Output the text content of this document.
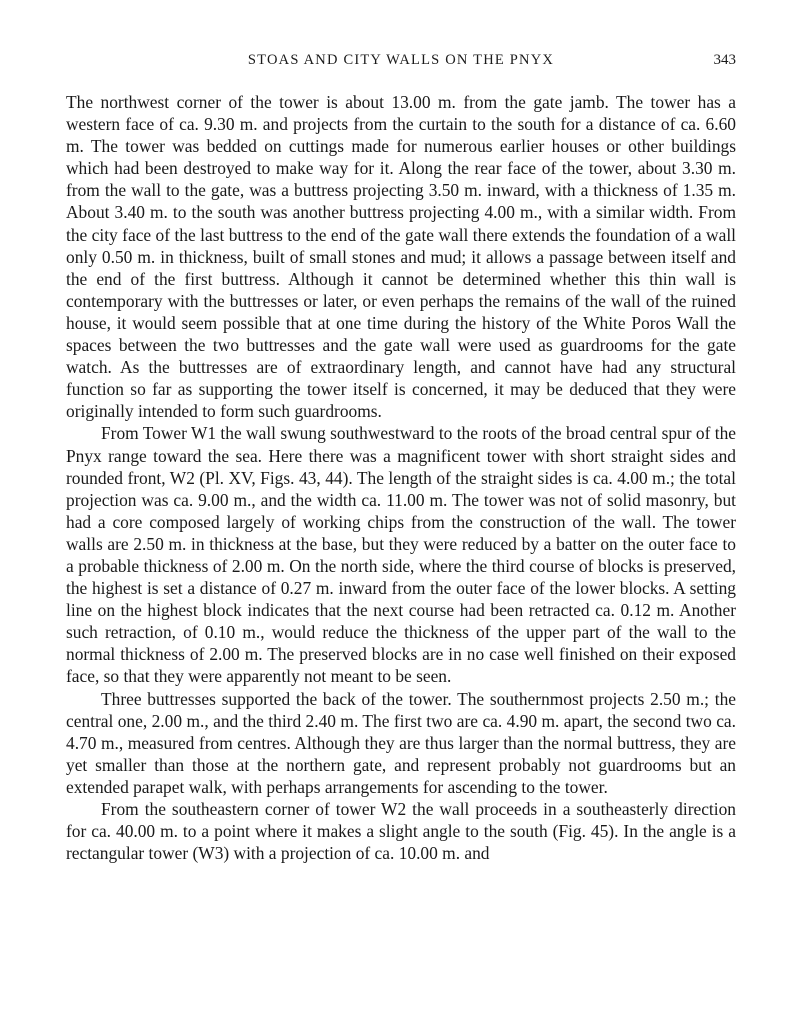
STOAS AND CITY WALLS ON THE PNYX	343

The northwest corner of the tower is about 13.00 m. from the gate jamb. The tower has a western face of ca. 9.30 m. and projects from the curtain to the south for a distance of ca. 6.60 m. The tower was bedded on cuttings made for numerous earlier houses or other buildings which had been destroyed to make way for it. Along the rear face of the tower, about 3.30 m. from the wall to the gate, was a buttress projecting 3.50 m. inward, with a thickness of 1.35 m. About 3.40 m. to the south was another buttress projecting 4.00 m., with a similar width. From the city face of the last buttress to the end of the gate wall there extends the foundation of a wall only 0.50 m. in thickness, built of small stones and mud; it allows a passage between itself and the end of the first buttress. Although it cannot be determined whether this thin wall is contemporary with the buttresses or later, or even perhaps the remains of the wall of the ruined house, it would seem possible that at one time during the history of the White Poros Wall the spaces between the two buttresses and the gate wall were used as guardrooms for the gate watch. As the buttresses are of extraordinary length, and cannot have had any structural function so far as supporting the tower itself is concerned, it may be deduced that they were originally intended to form such guardrooms.

From Tower W1 the wall swung southwestward to the roots of the broad central spur of the Pnyx range toward the sea. Here there was a magnificent tower with short straight sides and rounded front, W2 (Pl. XV, Figs. 43, 44). The length of the straight sides is ca. 4.00 m.; the total projection was ca. 9.00 m., and the width ca. 11.00 m. The tower was not of solid masonry, but had a core composed largely of working chips from the construction of the wall. The tower walls are 2.50 m. in thickness at the base, but they were reduced by a batter on the outer face to a probable thickness of 2.00 m. On the north side, where the third course of blocks is preserved, the highest is set a distance of 0.27 m. inward from the outer face of the lower blocks. A setting line on the highest block indicates that the next course had been retracted ca. 0.12 m. Another such retraction, of 0.10 m., would reduce the thickness of the upper part of the wall to the normal thickness of 2.00 m. The preserved blocks are in no case well finished on their exposed face, so that they were apparently not meant to be seen.

Three buttresses supported the back of the tower. The southernmost projects 2.50 m.; the central one, 2.00 m., and the third 2.40 m. The first two are ca. 4.90 m. apart, the second two ca. 4.70 m., measured from centres. Although they are thus larger than the normal buttress, they are yet smaller than those at the northern gate, and represent probably not guardrooms but an extended parapet walk, with perhaps arrangements for ascending to the tower.

From the southeastern corner of tower W2 the wall proceeds in a southeasterly direction for ca. 40.00 m. to a point where it makes a slight angle to the south (Fig. 45). In the angle is a rectangular tower (W3) with a projection of ca. 10.00 m. and
